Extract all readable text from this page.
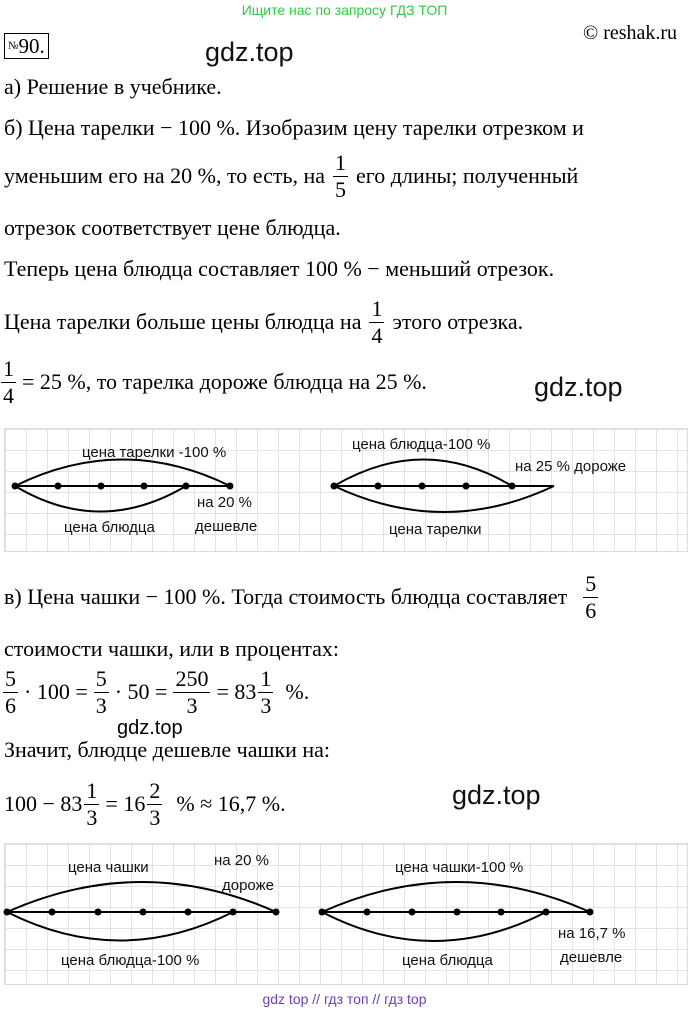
Ищите нас по запросу ГДЗ ТОП
№90.
© reshak.ru
gdz.top
gdz.top
gdz.top
gdz.top
а) Решение в учебнике.
б) Цена тарелки − 100 %. Изобразим цену тарелки отрезком и
уменьшим его на 20 %, то есть, на $\frac{1}{5}$ его длины; полученный
отрезок соответствует цене блюдца.
Теперь цена блюдца составляет 100 % − меньший отрезок.
Цена тарелки больше цены блюдца на $\frac{1}{4}$ этого отрезка.
$\frac{1}{4} = 25$ %, то тарелка дороже блюдца на 25 %.
цена тарелки -100 %
цена блюдца
на 20 %
дешевле
цена блюдца-100 %
на 25 % дороже
цена тарелки
цена чашки	на 20 %
дороже
цена блюдца-100 %
цена чашки-100 %
цена блюдца
на 16,7 %
дешевле
в) Цена чашки − 100 %. Тогда стоимость блюдца составляет $\frac{5}{6}$
стоимости чашки, или в процентах:
$\frac{5}{6} \cdot 100 = \frac{5}{3} \cdot 50 = \frac{250}{3} = 83 \frac{1}{3}$ %.
Значит, блюдце дешевле чашки на:
$100 - 83 \frac{1}{3} = 16 \frac{2}{3}$ % ≈ 16,7 %.
gdz top // гдз топ // гдз top
